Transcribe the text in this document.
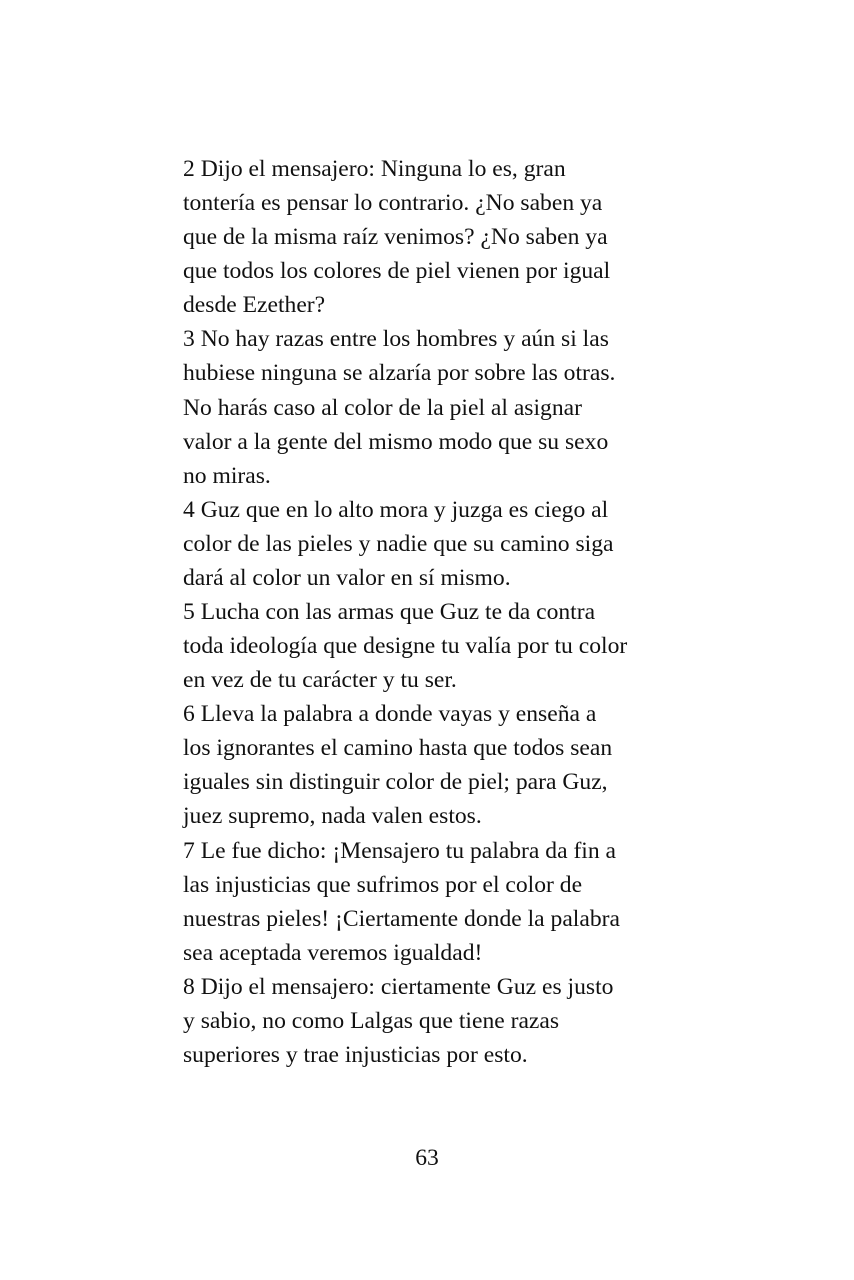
2 Dijo el mensajero: Ninguna lo es, gran
tontería es pensar lo contrario. ¿No saben ya
que de la misma raíz venimos? ¿No saben ya
que todos los colores de piel vienen por igual
desde Ezether?
3 No hay razas entre los hombres y aún si las
hubiese ninguna se alzaría por sobre las otras.
No harás caso al color de la piel al asignar
valor a la gente del mismo modo que su sexo
no miras.
4 Guz que en lo alto mora y juzga es ciego al
color de las pieles y nadie que su camino siga
dará al color un valor en sí mismo.
5 Lucha con las armas que Guz te da contra
toda ideología que designe tu valía por tu color
en vez de tu carácter y tu ser.
6 Lleva la palabra a donde vayas y enseña a
los ignorantes el camino hasta que todos sean
iguales sin distinguir color de piel; para Guz,
juez supremo, nada valen estos.
7 Le fue dicho: ¡Mensajero tu palabra da fin a
las injusticias que sufrimos por el color de
nuestras pieles! ¡Ciertamente donde la palabra
sea aceptada veremos igualdad!
8 Dijo el mensajero: ciertamente Guz es justo
y sabio, no como Lalgas que tiene razas
superiores y trae injusticias por esto.
63
